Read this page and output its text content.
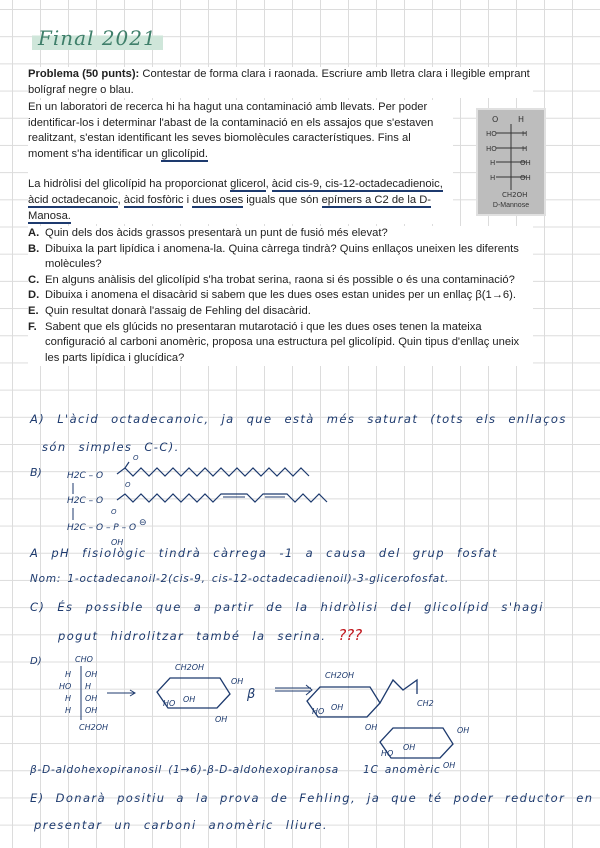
Final 2021
Problema (50 punts): Contestar de forma clara i raonada. Escriure amb lletra clara i llegible emprant bolígraf negre o blau.
En un laboratori de recerca hi ha hagut una contaminació amb llevats. Per poder identificar-los i determinar l'abast de la contaminació en els assajos que s'estaven realitzant, s'estan identificant les seves biomolècules característiques. Fins al moment s'ha identificar un glicolípid.
La hidròlisi del glicolípid ha proporcionat glicerol, àcid cis-9, cis-12-octadecadienoic, àcid octadecanoic, àcid fosfòric i dues oses iguals que són epímers a C2 de la D-Manosa.
O H
HO	H
HO	H
H	OH
H	OH
CH2OH
D-Mannose
A. Quin dels dos àcids grassos presentarà un punt de fusió més elevat?
B. Dibuixa la part lipídica i anomena-la. Quina càrrega tindrà? Quins enllaços uneixen les diferents molècules?
C. En alguns anàlisis del glicolípid s'ha trobat serina, raona si és possible o és una contaminació?
D. Dibuixa i anomena el disacàrid si sabem que les dues oses estan unides per un enllaç β(1→6).
E. Quin resultat donarà l'assaig de Fehling del disacàrid.
F. Sabent que els glúcids no presentaran mutarotació i que les dues oses tenen la mateixa configuració al carboni anomèric, proposa una estructura pel glicolípid. Quin tipus d'enllaç uneix les parts lipídica i glucídica?
A) L'àcid octadecanoic, ja que està més saturat (tots els enllaços
són simples C-C).
B)	H2C – O
H2C – O
H2C – O – P – O ⊖
O
OH
O
O
A pH fisiològic tindrà càrrega -1 a causa del grup fosfat
Nom: 1-octadecanoil-2(cis-9, cis-12-octadecadienoil)-3-glicerofosfat.
C) És possible que a partir de la hidròlisi del glicolípid s'hagi
pogut hidrolitzar també la serina. ???
D)	CHO
H OH
HO H
H OH
H OH
CH2OH
CH2OH
OH
HO OH
OH
β
CH2OH
HO OH
OH
CH2
OH
HO
OH
OH
β-D-aldohexopiranosil (1→6)-β-D-aldohexopiranosa 1C anomèric
E) Donarà positiu a la prova de Fehling, ja que té poder reductor en
presentar un carboni anomèric lliure.
